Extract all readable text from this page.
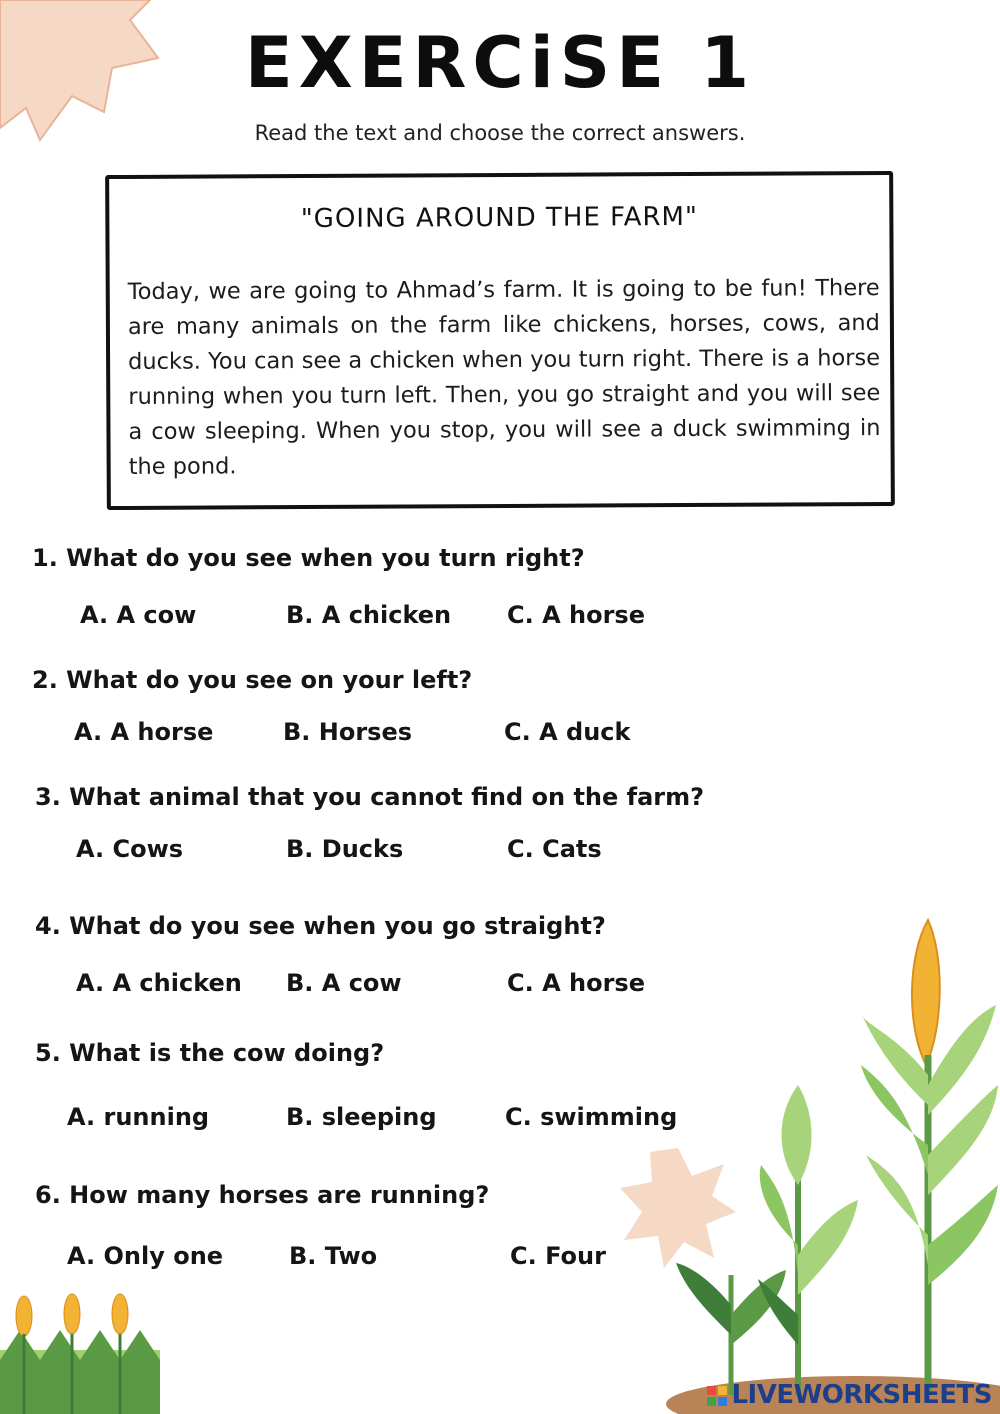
EXERCiSE 1
Read the text and choose the correct answers.
"GOING AROUND THE FARM"
Today, we are going to Ahmad’s farm. It is going to be fun! There are many animals on the farm like chickens, horses, cows, and ducks. You can see a chicken when you turn right. There is a horse running when you turn left. Then, you go straight and you will see a cow sleeping. When you stop, you will see a duck swimming in the pond.
1. What do you see when you turn right?
A. A cow	B. A chicken C. A horse
2. What do you see on your left?
A. A horse	B. Horses	C. A duck
3. What animal that you cannot find on the farm?
A. Cows	B. Ducks	C. Cats
4. What do you see when you go straight?
A. A chicken B. A cow	C. A horse
5. What is the cow doing?
A. running	B. sleeping	C. swimming
6. How many horses are running?
A. Only one	B. Two	C. Four
LIVEWORKSHEETS
